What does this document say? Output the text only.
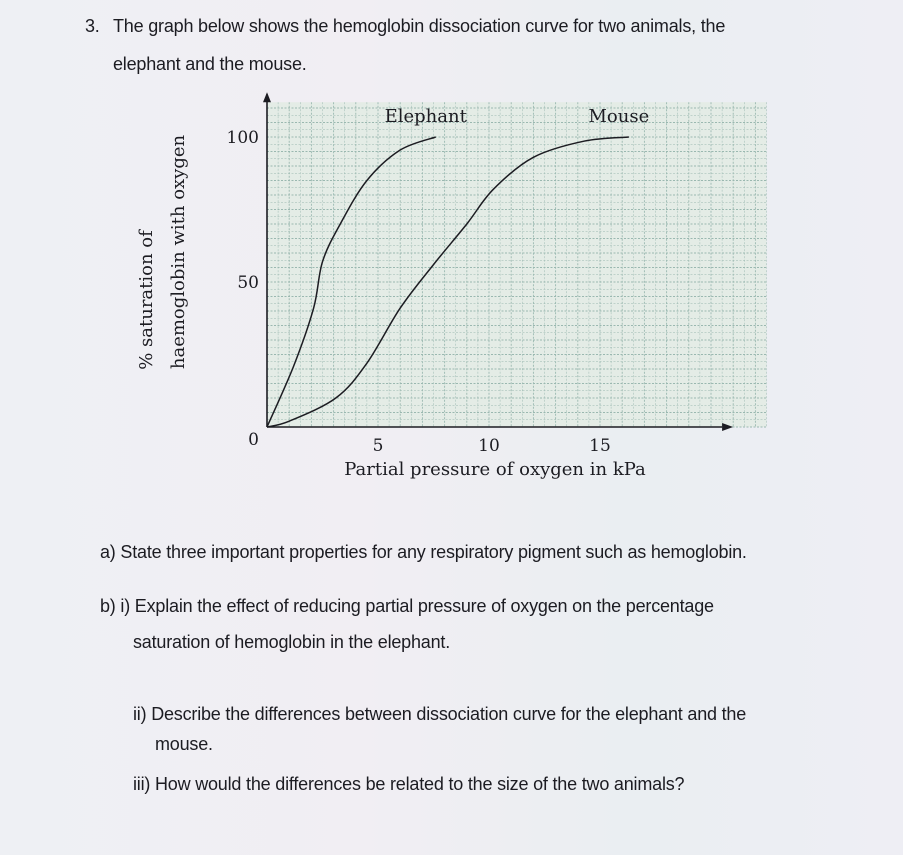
3. The graph below shows the hemoglobin dissociation curve for two animals, the
elephant and the mouse.
Elephant	Mouse
5	10	15
0
50
100
Partial pressure of oxygen in kPa
% saturation of haemoglobin with oxygen
a) State three important properties for any respiratory pigment such as hemoglobin.
b) i) Explain the effect of reducing partial pressure of oxygen on the percentage
saturation of hemoglobin in the elephant.
ii) Describe the differences between dissociation curve for the elephant and the
mouse.
iii) How would the differences be related to the size of the two animals?
